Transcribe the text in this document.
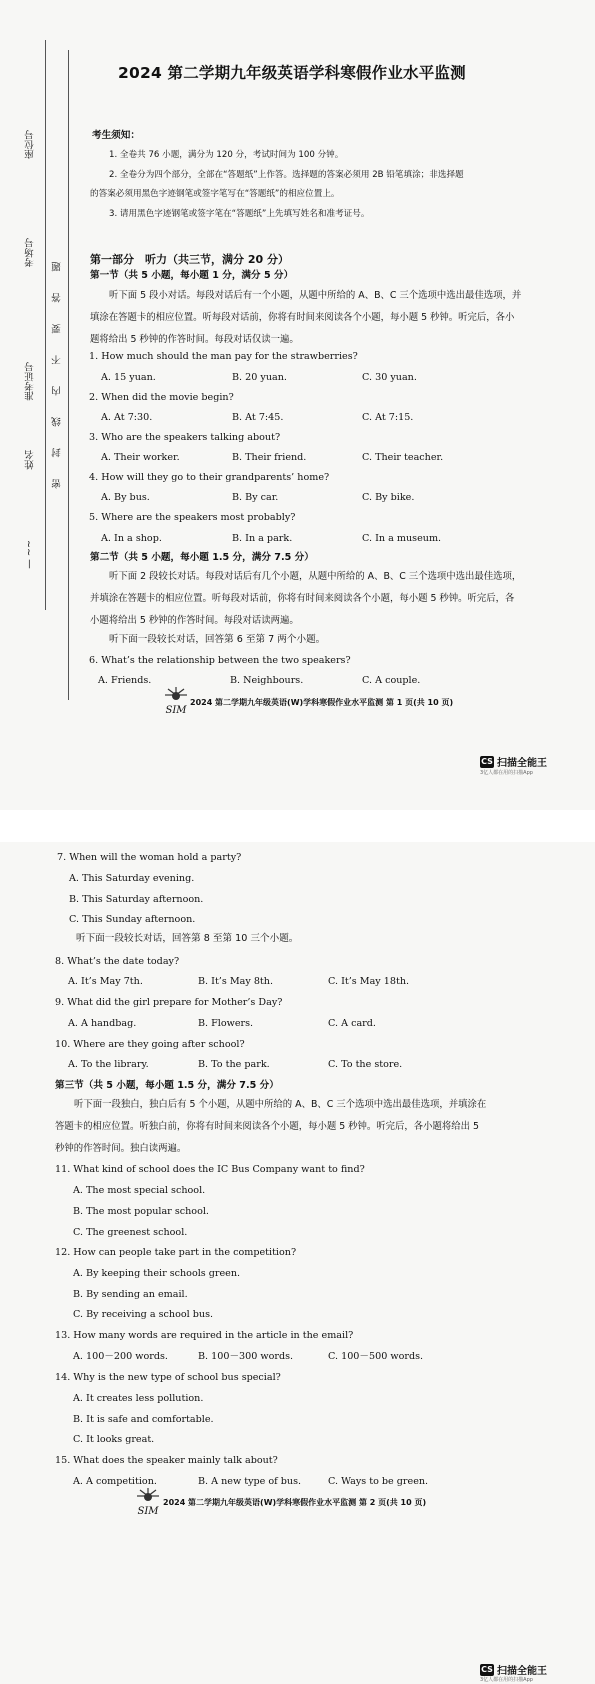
座位号
考场号
准考证号
姓名
— ~~
题
答
要
不
内
线
封
密
2024 第二学期九年级英语学科寒假作业水平监测
考生须知：
1. 全卷共 76 小题，满分为 120 分，考试时间为 100 分钟。
2. 全卷分为四个部分，全部在“答题纸”上作答。选择题的答案必须用 2B 铅笔填涂；非选择题
的答案必须用黑色字迹钢笔或签字笔写在“答题纸”的相应位置上。
3. 请用黑色字迹钢笔或签字笔在“答题纸”上先填写姓名和准考证号。
第一部分　听力（共三节，满分 20 分）
第一节（共 5 小题，每小题 1 分，满分 5 分）
听下面 5 段小对话。每段对话后有一个小题，从题中所给的 A、B、C 三个选项中选出最佳选项，并填涂在答题卡的相应位置。听每段对话前，你将有时间来阅读各个小题，每小题 5 秒钟。听完后，各小题将给出 5 秒钟的作答时间。每段对话仅读一遍。
1. How much should the man pay for the strawberries?
A. 15 yuan.	B. 20 yuan.	C. 30 yuan.
2. When did the movie begin?
A. At 7:30.	B. At 7:45.	C. At 7:15.
3. Who are the speakers talking about?
A. Their worker.	B. Their friend.	C. Their teacher.
4. How will they go to their grandparents’ home?
A. By bus.	B. By car.	C. By bike.
5. Where are the speakers most probably?
A. In a shop.	B. In a park.	C. In a museum.
第二节（共 5 小题，每小题 1.5 分，满分 7.5 分）
听下面 2 段较长对话。每段对话后有几个小题，从题中所给的 A、B、C 三个选项中选出最佳选项，并填涂在答题卡的相应位置。听每段对话前，你将有时间来阅读各个小题，每小题 5 秒钟。听完后，各小题将给出 5 秒钟的作答时间。每段对话读两遍。
听下面一段较长对话，回答第 6 至第 7 两个小题。
6. What’s the relationship between the two speakers?
A. Friends.	B. Neighbours.	C. A couple.
SIM
2024 第二学期九年级英语(W)学科寒假作业水平监测 第 1 页(共 10 页)
CS 扫描全能王
3亿人都在用的扫描App
7. When will the woman hold a party?
A. This Saturday evening.
B. This Saturday afternoon.
C. This Sunday afternoon.
听下面一段较长对话，回答第 8 至第 10 三个小题。
8. What’s the date today?
A. It’s May 7th.	B. It’s May 8th.	C. It’s May 18th.
9. What did the girl prepare for Mother’s Day?
A. A handbag.	B. Flowers.	C. A card.
10. Where are they going after school?
A. To the library.	B. To the park.	C. To the store.
第三节（共 5 小题，每小题 1.5 分，满分 7.5 分）
听下面一段独白，独白后有 5 个小题，从题中所给的 A、B、C 三个选项中选出最佳选项，并填涂在答题卡的相应位置。听独白前，你将有时间来阅读各个小题，每小题 5 秒钟。听完后，各小题将给出 5 秒钟的作答时间。独白读两遍。
11. What kind of school does the IC Bus Company want to find?
A. The most special school.
B. The most popular school.
C. The greenest school.
12. How can people take part in the competition?
A. By keeping their schools green.
B. By sending an email.
C. By receiving a school bus.
13. How many words are required in the article in the email?
A. 100－200 words.	B. 100－300 words.	C. 100－500 words.
14. Why is the new type of school bus special?
A. It creates less pollution.
B. It is safe and comfortable.
C. It looks great.
15. What does the speaker mainly talk about?
A. A competition.	B. A new type of bus.	C. Ways to be green.
SIM
2024 第二学期九年级英语(W)学科寒假作业水平监测 第 2 页(共 10 页)
CS 扫描全能王
3亿人都在用的扫描App
